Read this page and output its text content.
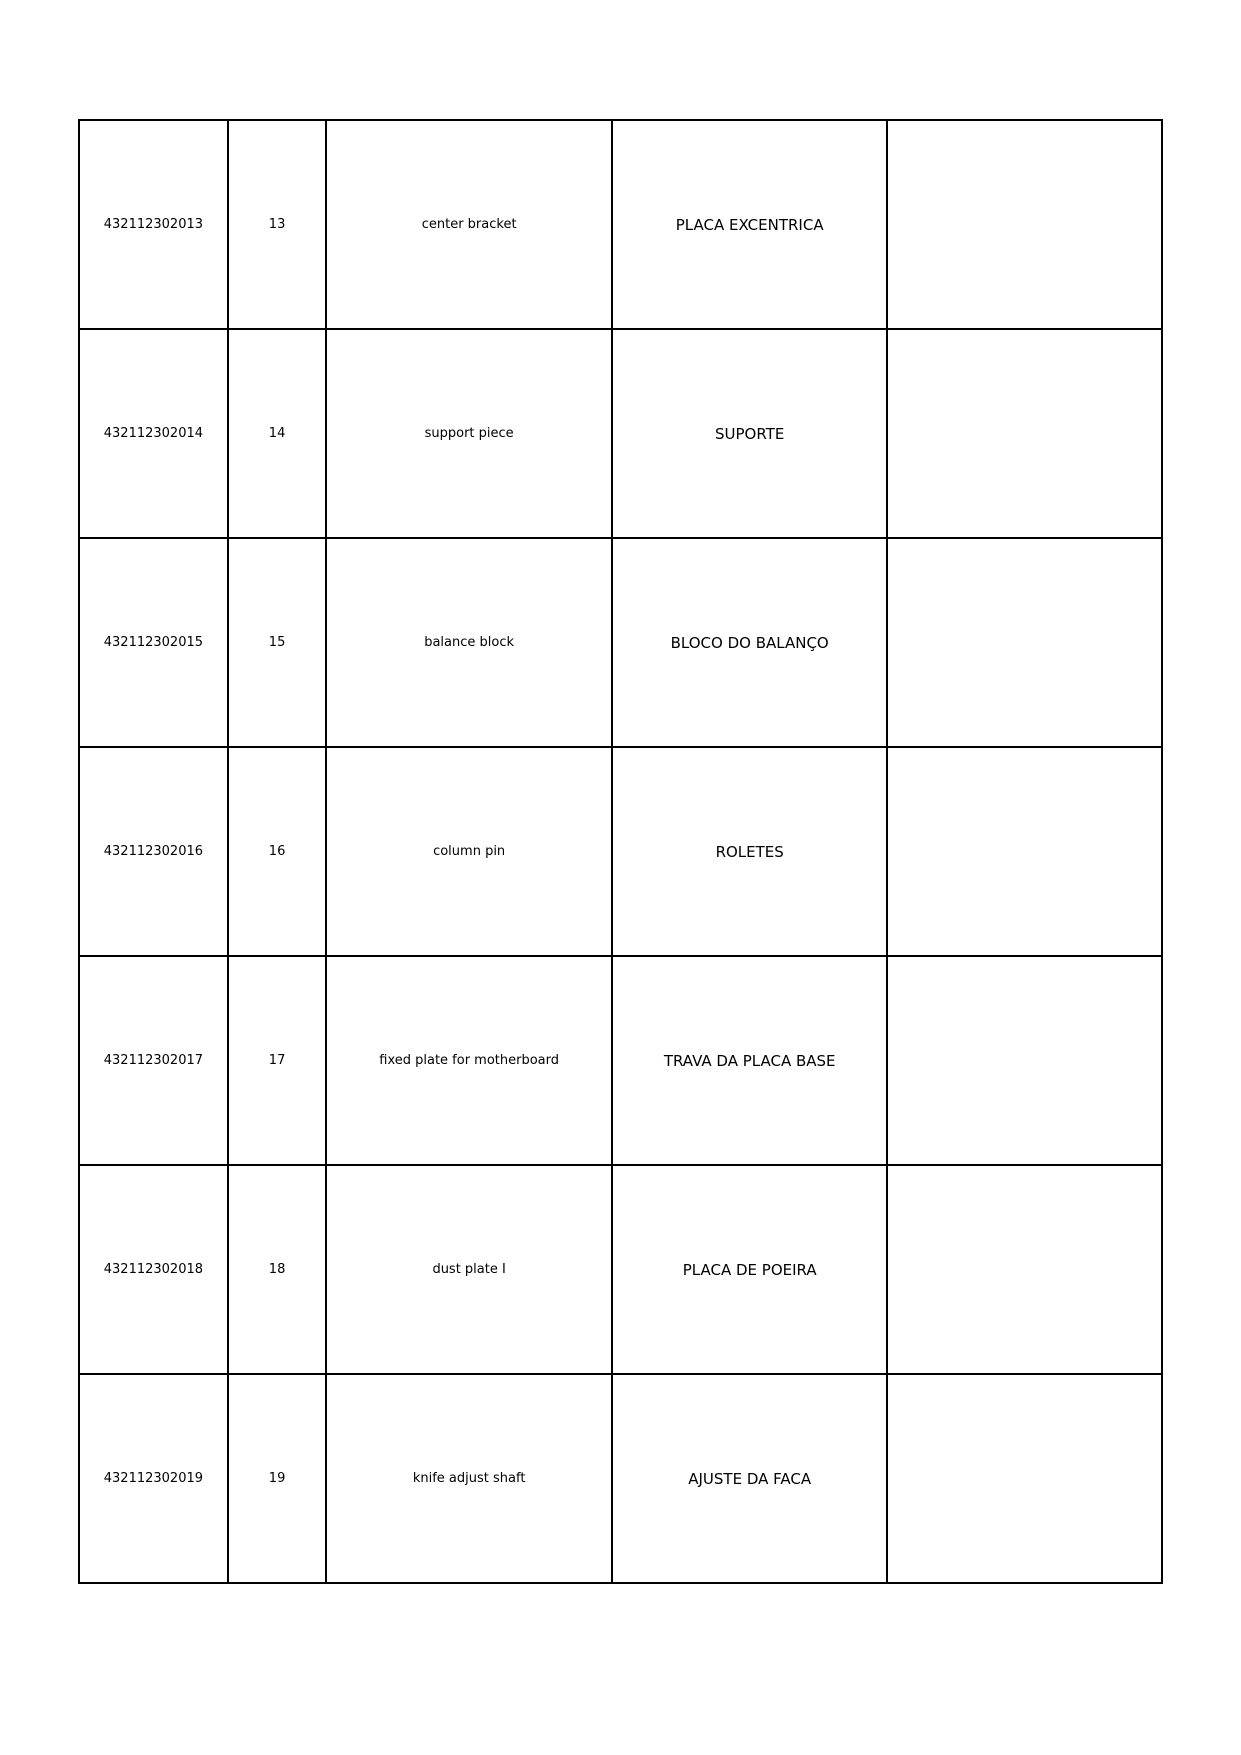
432112302013	13	center bracket	PLACA EXCENTRICA	
432112302014	14	support piece	SUPORTE	
432112302015	15	balance block	BLOCO DO BALANÇO	
432112302016	16	column pin	ROLETES	
432112302017	17	fixed plate for motherboard	TRAVA DA PLACA BASE	
432112302018	18	dust plate I	PLACA DE POEIRA	
432112302019	19	knife adjust shaft	AJUSTE DA FACA	
